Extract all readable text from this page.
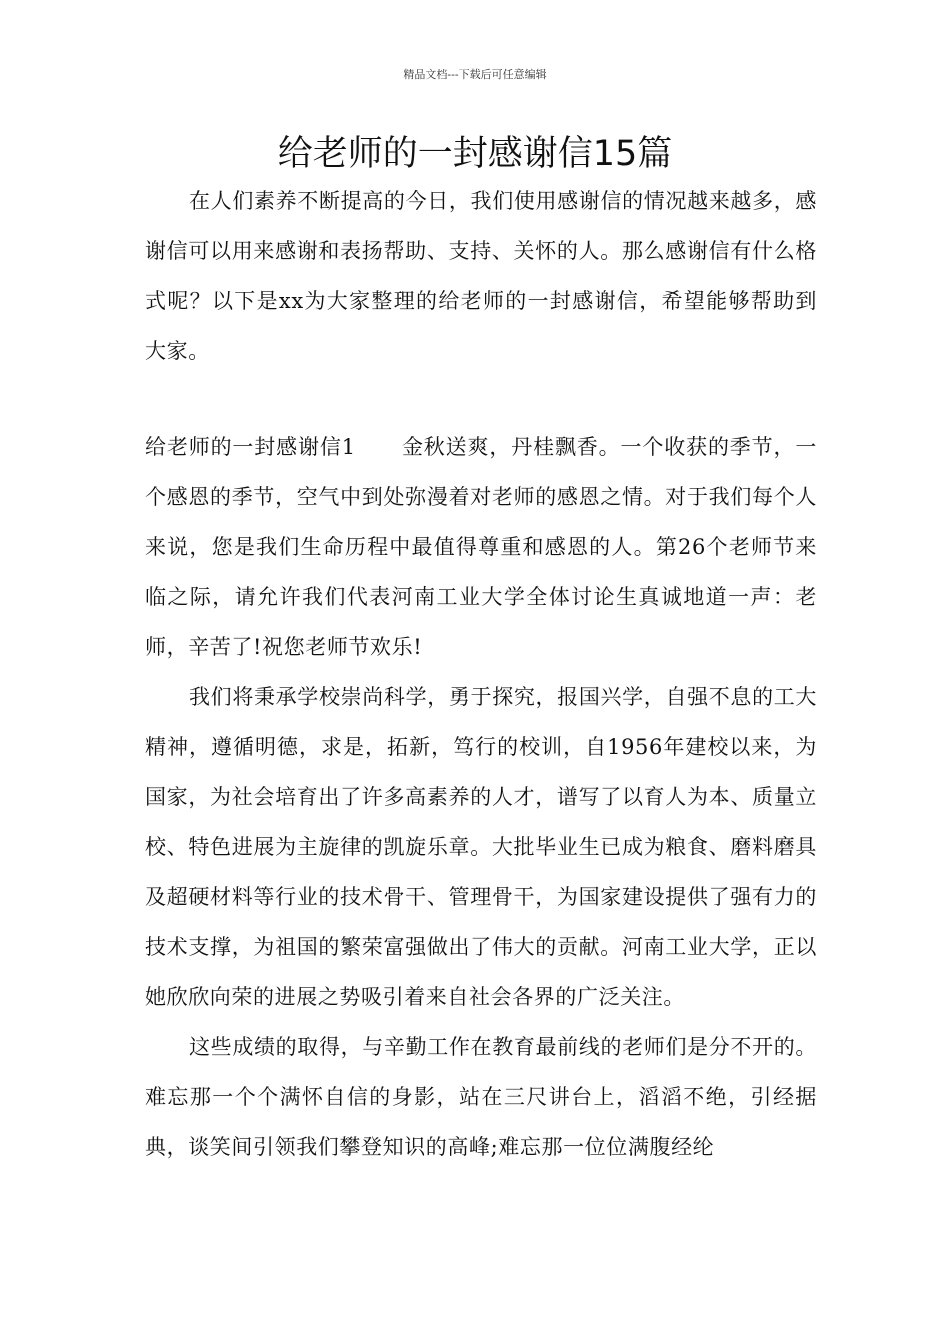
精品文档---下载后可任意编辑
给老师的一封感谢信15篇

在人们素养不断提高的今日，我们使用感谢信的情况越来越多，感谢信可以用来感谢和表扬帮助、支持、关怀的人。那么感谢信有什么格式呢？以下是xx为大家整理的给老师的一封感谢信，希望能够帮助到大家。

给老师的一封感谢信1 金秋送爽，丹桂飘香。一个收获的季节，一个感恩的季节，空气中到处弥漫着对老师的感恩之情。对于我们每个人来说，您是我们生命历程中最值得尊重和感恩的人。第26个老师节来临之际，请允许我们代表河南工业大学全体讨论生真诚地道一声：老师，辛苦了!祝您老师节欢乐!

我们将秉承学校崇尚科学，勇于探究，报国兴学，自强不息的工大精神，遵循明德，求是，拓新，笃行的校训，自1956年建校以来，为国家，为社会培育出了许多高素养的人才，谱写了以育人为本、质量立校、特色进展为主旋律的凯旋乐章。大批毕业生已成为粮食、磨料磨具及超硬材料等行业的技术骨干、管理骨干，为国家建设提供了强有力的技术支撑，为祖国的繁荣富强做出了伟大的贡献。河南工业大学，正以她欣欣向荣的进展之势吸引着来自社会各界的广泛关注。

这些成绩的取得，与辛勤工作在教育最前线的老师们是分不开的。难忘那一个个满怀自信的身影，站在三尺讲台上，滔滔不绝，引经据典，谈笑间引领我们攀登知识的高峰;难忘那一位位满腹经纶
